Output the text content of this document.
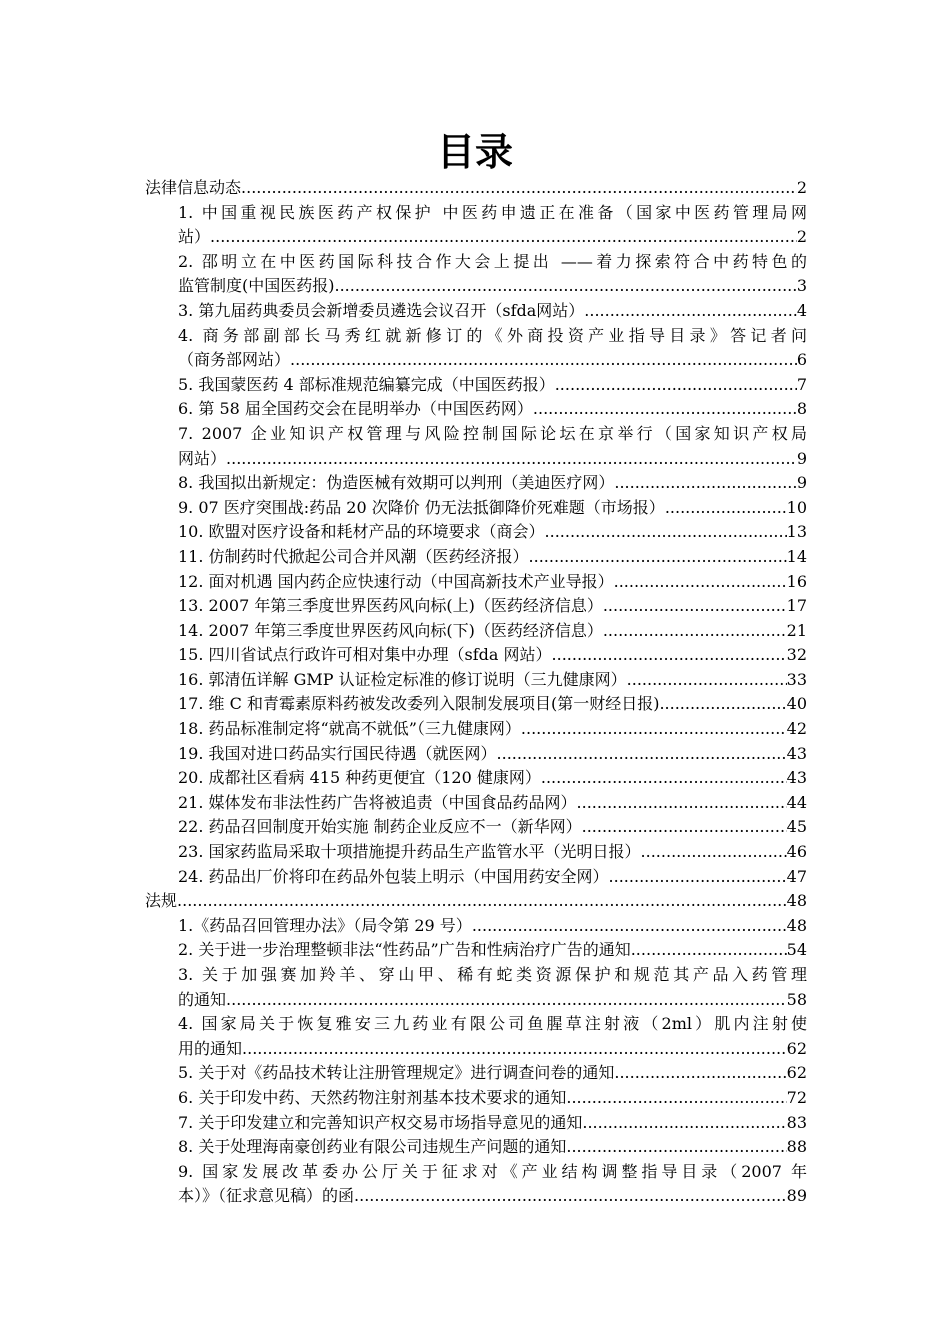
目录
法律信息动态 .....	2
1. 中国重视民族医药产权保护 中医药申遗正在准备（国家中医药管理局网
站） .....	2
2. 邵明立在中医药国际科技合作大会上提出 ——着力探索符合中药特色的
监管制度(中国医药报) .....	3
3. 第九届药典委员会新增委员遴选会议召开（sfda网站） .....	4
4. 商务部副部长马秀红就新修订的《外商投资产业指导目录》答记者问
（商务部网站） .....	6
5. 我国蒙医药 4 部标准规范编纂完成（中国医药报） .....	7
6. 第 58 届全国药交会在昆明举办（中国医药网） .....	8
7. 2007 企业知识产权管理与风险控制国际论坛在京举行（国家知识产权局
网站） .....	9
8. 我国拟出新规定：伪造医械有效期可以判刑（美迪医疗网） .....	9
9. 07 医疗突围战:药品 20 次降价 仍无法抵御降价死难题（市场报） .....	10
10. 欧盟对医疗设备和耗材产品的环境要求（商会） .....	13
11. 仿制药时代掀起公司合并风潮（医药经济报） .....	14
12. 面对机遇 国内药企应快速行动（中国高新技术产业导报） .....	16
13. 2007 年第三季度世界医药风向标(上)（医药经济信息） .....	17
14. 2007 年第三季度世界医药风向标(下)（医药经济信息） .....	21
15. 四川省试点行政许可相对集中办理（sfda 网站） .....	32
16. 郭清伍详解 GMP 认证检定标准的修订说明（三九健康网） .....	33
17. 维 C 和青霉素原料药被发改委列入限制发展项目(第一财经日报) .....	40
18. 药品标准制定将“就高不就低”（三九健康网） .....	42
19. 我国对进口药品实行国民待遇（就医网） .....	43
20. 成都社区看病 415 种药更便宜（120 健康网） .....	43
21. 媒体发布非法性药广告将被追责（中国食品药品网） .....	44
22. 药品召回制度开始实施 制药企业反应不一（新华网） .....	45
23. 国家药监局采取十项措施提升药品生产监管水平（光明日报） .....	46
24. 药品出厂价将印在药品外包装上明示（中国用药安全网） .....	47
法规 .....	48
1.《药品召回管理办法》（局令第 29 号） .....	48
2. 关于进一步治理整顿非法“性药品”广告和性病治疗广告的通知 .....	54
3. 关于加强赛加羚羊、穿山甲、稀有蛇类资源保护和规范其产品入药管理
的通知 .....	58
4. 国家局关于恢复雅安三九药业有限公司鱼腥草注射液（2ml）肌内注射使
用的通知 .....	62
5. 关于对《药品技术转让注册管理规定》进行调查问卷的通知 .....	62
6. 关于印发中药、天然药物注射剂基本技术要求的通知 .....	72
7. 关于印发建立和完善知识产权交易市场指导意见的通知 .....	83
8. 关于处理海南豪创药业有限公司违规生产问题的通知 .....	88
9. 国家发展改革委办公厅关于征求对《产业结构调整指导目录（2007 年
本）》（征求意见稿）的函 .....	89
